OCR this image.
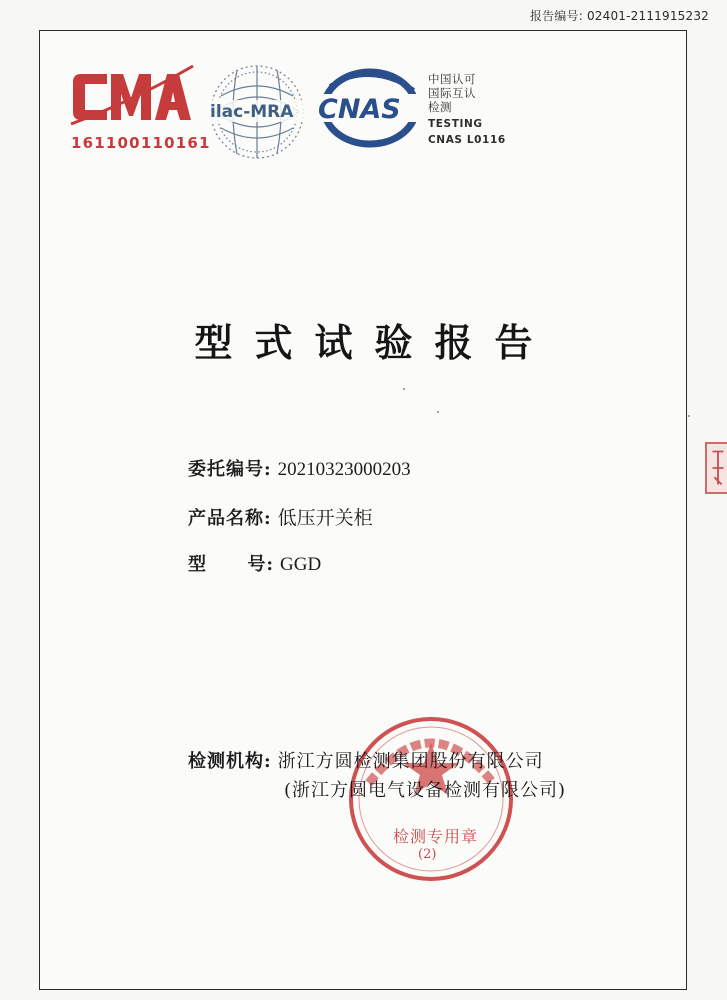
报告编号: 02401-2111915232
161100110161
ilac-MRA CNAS
中国认可
国际互认
检测
TESTING
CNAS L0116
型式试验报告
委托编号: 20210323000203
产品名称: 低压开关柜
型 号: GGD
检测专用章
(2)
检测机构: 浙江方圆检测集团股份有限公司
(浙江方圆电气设备检测有限公司)
